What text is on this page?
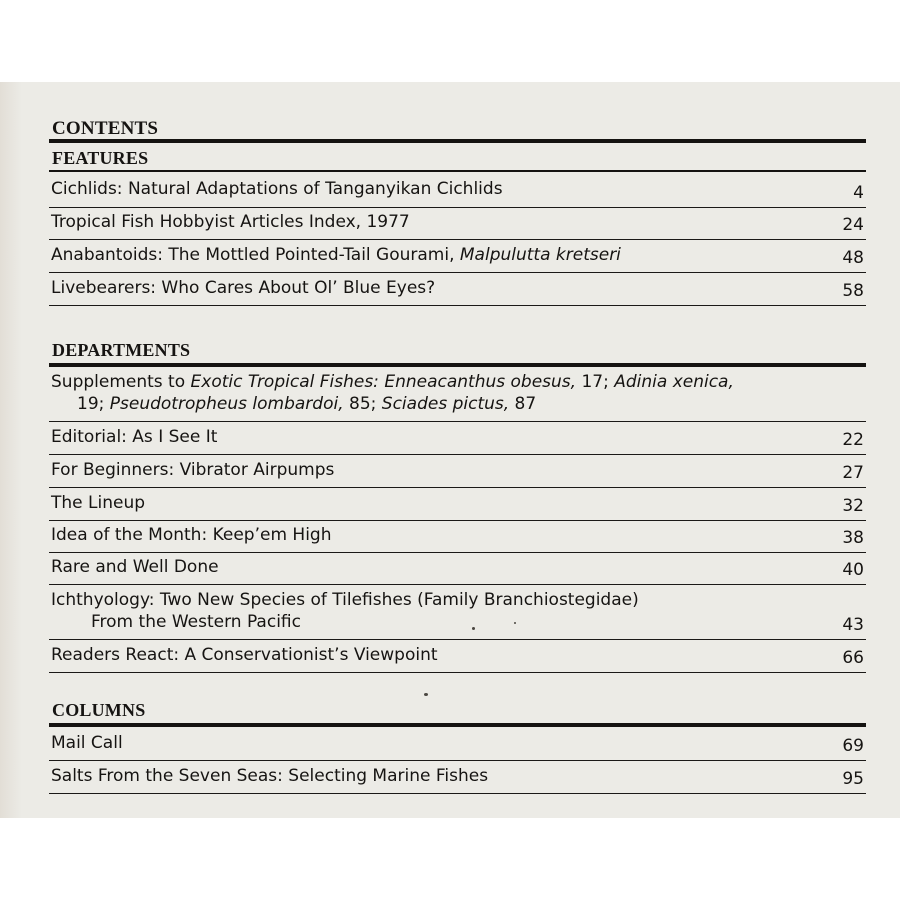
CONTENTS
FEATURES
Cichlids: Natural Adaptations of Tanganyikan Cichlids	4
Tropical Fish Hobbyist Articles Index, 1977	24
Anabantoids: The Mottled Pointed-Tail Gourami, Malpulutta kretseri	48
Livebearers: Who Cares About Ol’ Blue Eyes?	58
DEPARTMENTS
Supplements to Exotic Tropical Fishes: Enneacanthus obesus, 17; Adinia xenica,
19; Pseudotropheus lombardoi, 85; Sciades pictus, 87
Editorial: As I See It	22
For Beginners: Vibrator Airpumps	27
The Lineup	32
Idea of the Month: Keep’em High	38
Rare and Well Done	40
Ichthyology: Two New Species of Tilefishes (Family Branchiostegidae)
From the Western Pacific	43
Readers React: A Conservationist’s Viewpoint	66
COLUMNS
Mail Call	69
Salts From the Seven Seas: Selecting Marine Fishes	95
